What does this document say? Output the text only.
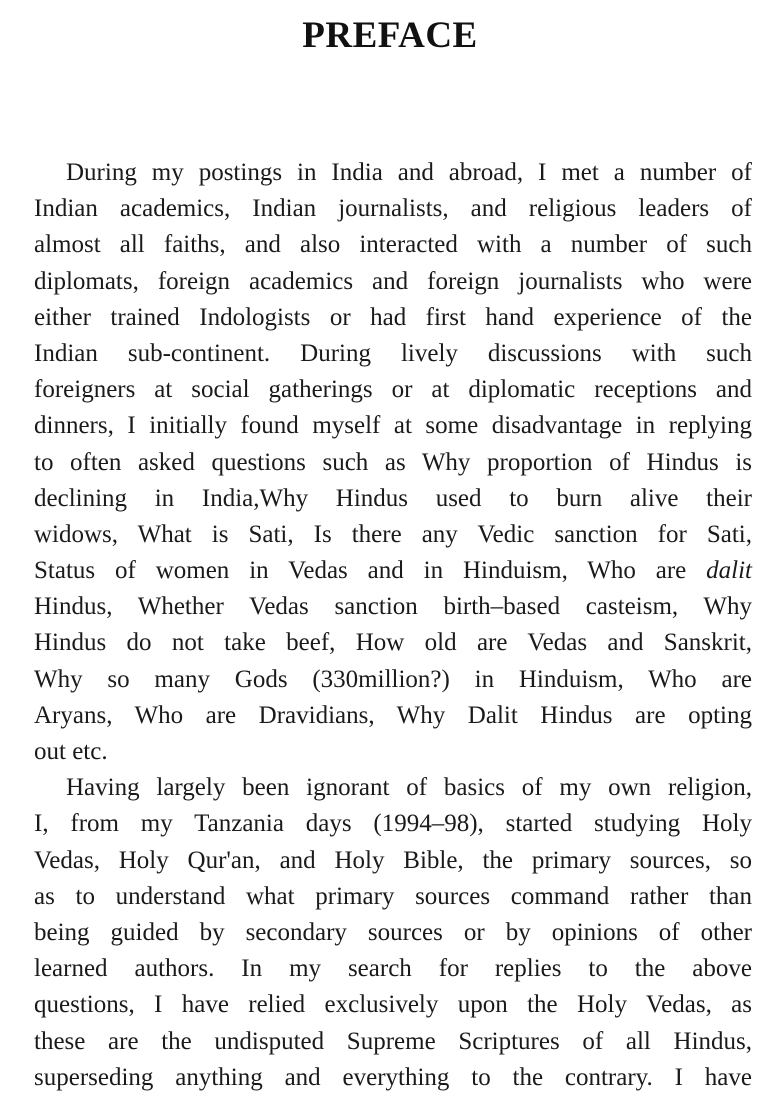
PREFACE
During my postings in India and abroad, I met a number of
Indian academics, Indian journalists, and religious leaders of
almost all faiths, and also interacted with a number of such
diplomats, foreign academics and foreign journalists who were
either trained Indologists or had first hand experience of the
Indian sub-continent. During lively discussions with such
foreigners at social gatherings or at diplomatic receptions and
dinners, I initially found myself at some disadvantage in replying
to often asked questions such as Why proportion of Hindus is
declining in India,Why Hindus used to burn alive their
widows, What is Sati, Is there any Vedic sanction for Sati,
Status of women in Vedas and in Hinduism, Who are dalit
Hindus, Whether Vedas sanction birth–based casteism, Why
Hindus do not take beef, How old are Vedas and Sanskrit,
Why so many Gods (330million?) in Hinduism, Who are
Aryans, Who are Dravidians, Why Dalit Hindus are opting
out etc.
Having largely been ignorant of basics of my own religion,
I, from my Tanzania days (1994–98), started studying Holy
Vedas, Holy Qur'an, and Holy Bible, the primary sources, so
as to understand what primary sources command rather than
being guided by secondary sources or by opinions of other
learned authors. In my search for replies to the above
questions, I have relied exclusively upon the Holy Vedas, as
these are the undisputed Supreme Scriptures of all Hindus,
superseding anything and everything to the contrary. I have
